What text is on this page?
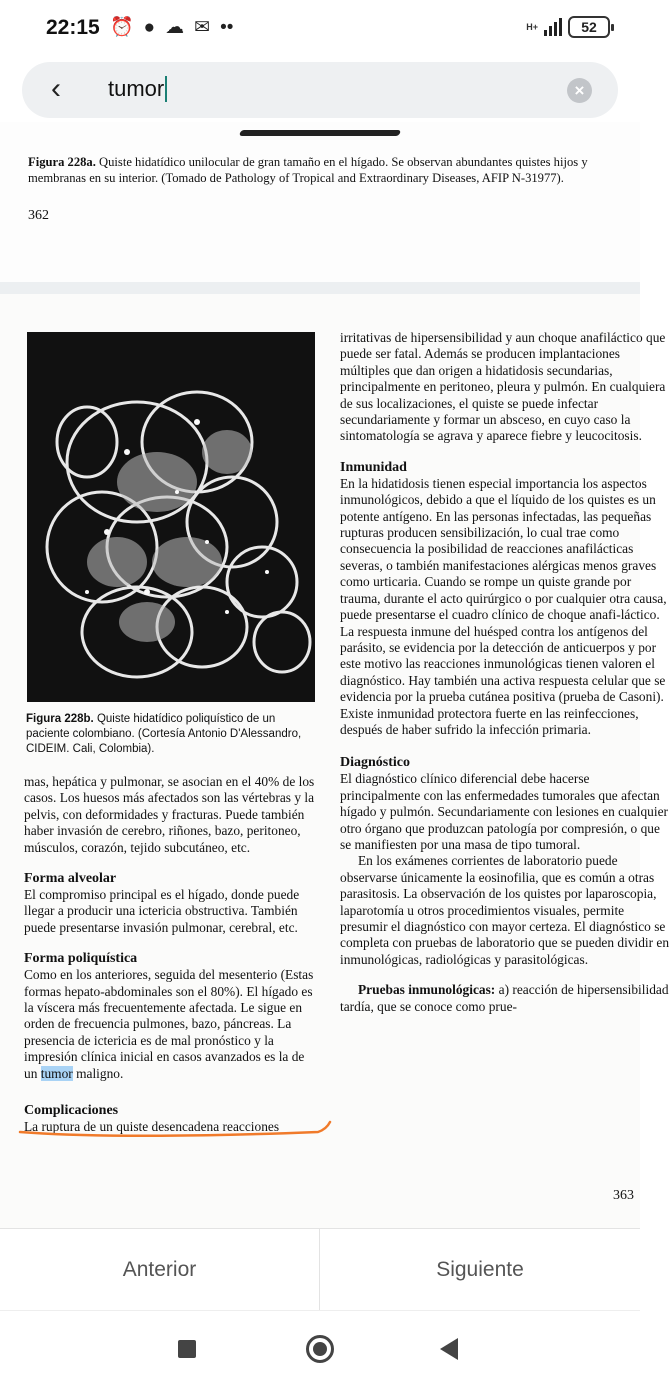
22:15 ⏰ ● ☁ ✉ ••	H+	52
‹	tumor	×
Figura 228a. Quiste hidatídico unilocular de gran tamaño en el hígado. Se observan abundantes quistes hijos y membranas en su interior. (Tomado de Pathology of Tropical and Extraordinary Diseases, AFIP N-31977).
362
Figura 228b. Quiste hidatídico poliquístico de un paciente colombiano. (Cortesía Antonio D'Alessandro, CIDEIM. Cali, Colombia).

mas, hepática y pulmonar, se asocian en el 40% de los casos. Los huesos más afectados son las vértebras y la pelvis, con deformidades y fracturas. Puede también haber invasión de cerebro, riñones, bazo, peritoneo, músculos, corazón, tejido subcutáneo, etc.

Forma alveolar

El compromiso principal es el hígado, donde puede llegar a producir una ictericia obstructiva. También puede presentarse invasión pulmonar, cerebral, etc.

Forma poliquística

Como en los anteriores, seguida del mesenterio (Estas formas hepato-abdominales son el 80%). El hígado es la víscera más frecuentemente afectada. Le sigue en orden de frecuencia pulmones, bazo, páncreas. La presencia de ictericia es de mal pronóstico y la impresión clínica inicial en casos avanzados es la de un tumor maligno.

Complicaciones

La ruptura de un quiste desencadena reacciones

irritativas de hipersensibilidad y aun choque anafiláctico que puede ser fatal. Además se producen implantaciones múltiples que dan origen a hidatidosis secundarias, principalmente en peritoneo, pleura y pulmón. En cualquiera de sus localizaciones, el quiste se puede infectar secundariamente y formar un absceso, en cuyo caso la sintomatología se agrava y aparece fiebre y leucocitosis.

Inmunidad

En la hidatidosis tienen especial importancia los aspectos inmunológicos, debido a que el líquido de los quistes es un potente antígeno. En las personas infectadas, las pequeñas rupturas producen sensibilización, lo cual trae como consecuencia la posibilidad de reacciones anafilácticas severas, o también manifestaciones alérgicas menos graves como urticaria. Cuando se rompe un quiste grande por trauma, durante el acto quirúrgico o por cualquier otra causa, puede presentarse el cuadro clínico de choque anafi-láctico. La respuesta inmune del huésped contra los antígenos del parásito, se evidencia por la detección de anticuerpos y por este motivo las reacciones inmunológicas tienen valoren el diagnóstico. Hay también una activa respuesta celular que se evidencia por la prueba cutánea positiva (prueba de Casoni). Existe inmunidad protectora fuerte en las reinfecciones, después de haber sufrido la infección primaria.

Diagnóstico

El diagnóstico clínico diferencial debe hacerse principalmente con las enfermedades tumorales que afectan hígado y pulmón. Secundariamente con lesiones en cualquier otro órgano que produzcan patología por compresión, o que se manifiesten por una masa de tipo tumoral.

En los exámenes corrientes de laboratorio puede observarse únicamente la eosinofilia, que es común a otras parasitosis. La observación de los quistes por laparoscopia, laparotomía u otros procedimientos visuales, permite presumir el diagnóstico con mayor certeza. El diagnóstico se completa con pruebas de laboratorio que se pueden dividir en inmunológicas, radiológicas y parasitológicas.

Pruebas inmunológicas: a) reacción de hipersensibilidad tardía, que se conoce como prue-

363
Anterior	Siguiente
